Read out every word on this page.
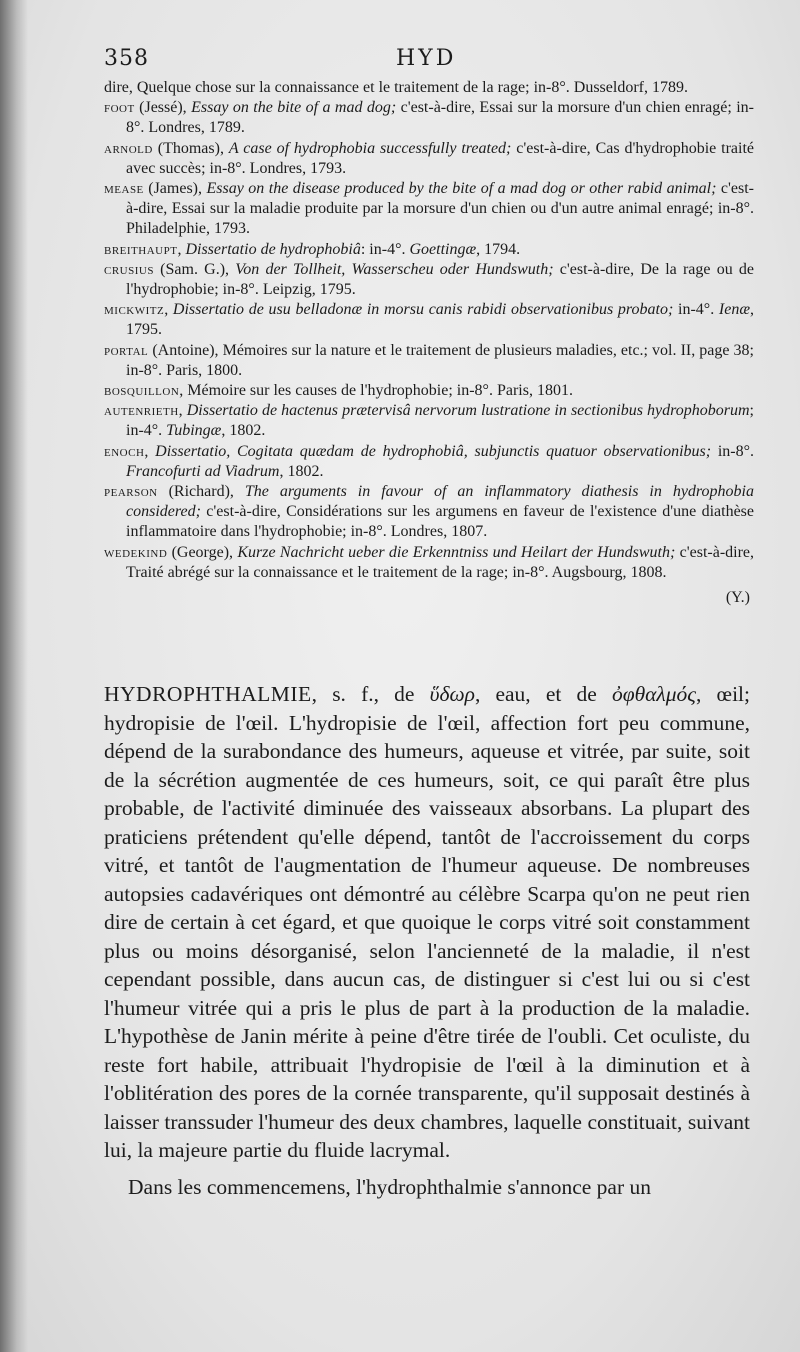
358	HYD

dire, Quelque chose sur la connaissance et le traitement de la rage; in-8°. Dusseldorf, 1789.

foot (Jessé), Essay on the bite of a mad dog; c'est-à-dire, Essai sur la morsure d'un chien enragé; in-8°. Londres, 1789.

arnold (Thomas), A case of hydrophobia successfully treated; c'est-à-dire, Cas d'hydrophobie traité avec succès; in-8°. Londres, 1793.

mease (James), Essay on the disease produced by the bite of a mad dog or other rabid animal; c'est-à-dire, Essai sur la maladie produite par la morsure d'un chien ou d'un autre animal enragé; in-8°. Philadelphie, 1793.

breithaupt, Dissertatio de hydrophobiâ: in-4°. Goettingæ, 1794.

crusius (Sam. G.), Von der Tollheit, Wasserscheu oder Hundswuth; c'est-à-dire, De la rage ou de l'hydrophobie; in-8°. Leipzig, 1795.

mickwitz, Dissertatio de usu belladonæ in morsu canis rabidi observationibus probato; in-4°. Ienæ, 1795.

portal (Antoine), Mémoires sur la nature et le traitement de plusieurs maladies, etc.; vol. II, page 38; in-8°. Paris, 1800.

bosquillon, Mémoire sur les causes de l'hydrophobie; in-8°. Paris, 1801.

autenrieth, Dissertatio de hactenus prætervisâ nervorum lustratione in sectionibus hydrophoborum; in-4°. Tubingæ, 1802.

enoch, Dissertatio, Cogitata quædam de hydrophobiâ, subjunctis quatuor observationibus; in-8°. Francofurti ad Viadrum, 1802.

pearson (Richard), The arguments in favour of an inflammatory diathesis in hydrophobia considered; c'est-à-dire, Considérations sur les argumens en faveur de l'existence d'une diathèse inflammatoire dans l'hydrophobie; in-8°. Londres, 1807.

wedekind (George), Kurze Nachricht ueber die Erkenntniss und Heilart der Hundswuth; c'est-à-dire, Traité abrégé sur la connaissance et le traitement de la rage; in-8°. Augsbourg, 1808.

(Y.)

HYDROPHTHALMIE, s. f., de ὕδωρ, eau, et de ὀφθαλμός, œil; hydropisie de l'œil. L'hydropisie de l'œil, affection fort peu commune, dépend de la surabondance des humeurs, aqueuse et vitrée, par suite, soit de la sécrétion augmentée de ces humeurs, soit, ce qui paraît être plus probable, de l'activité diminuée des vaisseaux absorbans. La plupart des praticiens prétendent qu'elle dépend, tantôt de l'accroissement du corps vitré, et tantôt de l'augmentation de l'humeur aqueuse. De nombreuses autopsies cadavériques ont démontré au célèbre Scarpa qu'on ne peut rien dire de certain à cet égard, et que quoique le corps vitré soit constamment plus ou moins désorganisé, selon l'ancienneté de la maladie, il n'est cependant possible, dans aucun cas, de distinguer si c'est lui ou si c'est l'humeur vitrée qui a pris le plus de part à la production de la maladie. L'hypothèse de Janin mérite à peine d'être tirée de l'oubli. Cet oculiste, du reste fort habile, attribuait l'hydropisie de l'œil à la diminution et à l'oblitération des pores de la cornée transparente, qu'il supposait destinés à laisser transsuder l'humeur des deux chambres, laquelle constituait, suivant lui, la majeure partie du fluide lacrymal.

Dans les commencemens, l'hydrophthalmie s'annonce par un
